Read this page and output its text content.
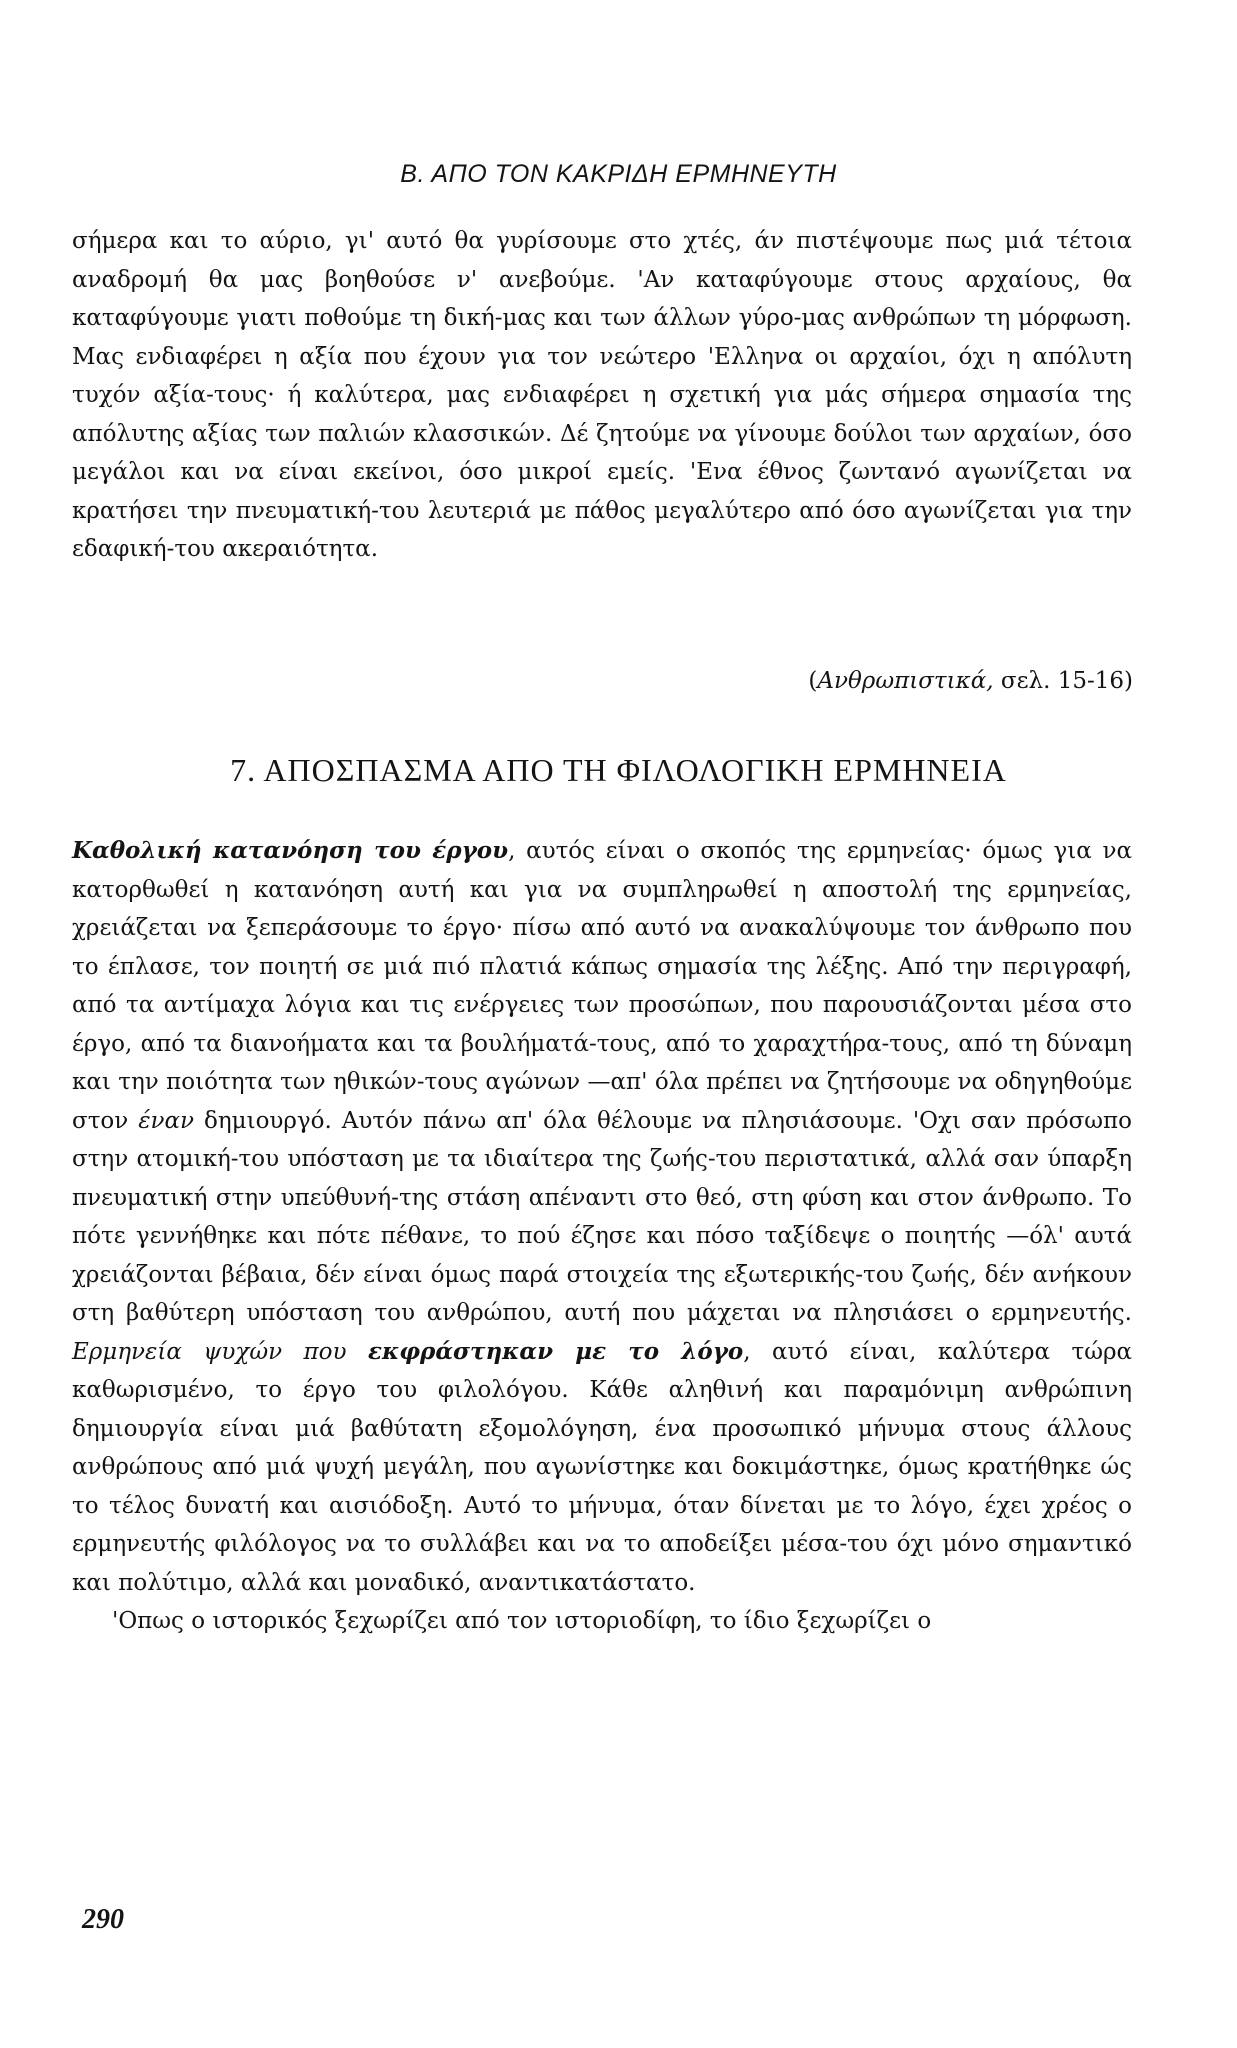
Β. ΑΠΟ ΤΟΝ ΚΑΚΡΙΔΗ ΕΡΜΗΝΕΥΤΗ

σήμερα και το αύριο, γι' αυτό θα γυρίσουμε στο χτές, άν πιστέψουμε πως μιά τέτοια αναδρομή θα μας βοηθούσε ν' ανεβούμε. 'Αν καταφύγουμε στους αρχαίους, θα καταφύγουμε γιατι ποθούμε τη δική-μας και των άλλων γύρο-μας ανθρώπων τη μόρφωση. Μας ενδιαφέρει η αξία που έχουν για τον νεώτερο 'Ελληνα οι αρχαίοι, όχι η απόλυτη τυχόν αξία-τους· ή καλύτερα, μας ενδιαφέρει η σχετική για μάς σήμερα σημασία της απόλυτης αξίας των παλιών κλασσικών. Δέ ζητούμε να γίνουμε δούλοι των αρχαίων, όσο μεγάλοι και να είναι εκείνοι, όσο μικροί εμείς. 'Ενα έθνος ζωντανό αγωνίζεται να κρατήσει την πνευματική-του λευτεριά με πάθος μεγαλύτερο από όσο αγωνίζεται για την εδαφική-του ακεραιότητα.

(Ανθρωπιστικά, σελ. 15-16)
7. ΑΠΟΣΠΑΣΜΑ ΑΠΟ ΤΗ ΦΙΛΟΛΟΓΙΚΗ ΕΡΜΗΝΕΙΑ

Καθολική κατανόηση του έργου, αυτός είναι ο σκοπός της ερμηνείας· όμως για να κατορθωθεί η κατανόηση αυτή και για να συμπληρωθεί η αποστολή της ερμηνείας, χρειάζεται να ξεπεράσουμε το έργο· πίσω από αυτό να ανακαλύψουμε τον άνθρωπο που το έπλασε, τον ποιητή σε μιά πιό πλατιά κάπως σημασία της λέξης. Από την περιγραφή, από τα αντίμαχα λόγια και τις ενέργειες των προσώπων, που παρουσιάζονται μέσα στο έργο, από τα διανοήματα και τα βουλήματά-τους, από το χαραχτήρα-τους, από τη δύναμη και την ποιότητα των ηθικών-τους αγώνων —απ' όλα πρέπει να ζητήσουμε να οδηγηθούμε στον έναν δημιουργό. Αυτόν πάνω απ' όλα θέλουμε να πλησιάσουμε. 'Οχι σαν πρόσωπο στην ατομική-του υπόσταση με τα ιδιαίτερα της ζωής-του περιστατικά, αλλά σαν ύπαρξη πνευματική στην υπεύθυνή-της στάση απέναντι στο θεό, στη φύση και στον άνθρωπο. Το πότε γεννήθηκε και πότε πέθανε, το πού έζησε και πόσο ταξίδεψε ο ποιητής —όλ' αυτά χρειάζονται βέβαια, δέν είναι όμως παρά στοιχεία της εξωτερικής-του ζωής, δέν ανήκουν στη βαθύτερη υπόσταση του ανθρώπου, αυτή που μάχεται να πλησιάσει ο ερμηνευτής. Ερμηνεία ψυχών που εκφράστηκαν με το λόγο, αυτό είναι, καλύτερα τώρα καθωρισμένο, το έργο του φιλολόγου. Κάθε αληθινή και παραμόνιμη ανθρώπινη δημιουργία είναι μιά βαθύτατη εξομολόγηση, ένα προσωπικό μήνυμα στους άλλους ανθρώπους από μιά ψυχή μεγάλη, που αγωνίστηκε και δοκιμάστηκε, όμως κρατήθηκε ώς το τέλος δυνατή και αισιόδοξη. Αυτό το μήνυμα, όταν δίνεται με το λόγο, έχει χρέος ο ερμηνευτής φιλόλογος να το συλλάβει και να το αποδείξει μέσα-του όχι μόνο σημαντικό και πολύτιμο, αλλά και μοναδικό, αναντικατάστατο.

'Οπως ο ιστορικός ξεχωρίζει από τον ιστοριοδίφη, το ίδιο ξεχωρίζει ο

290
